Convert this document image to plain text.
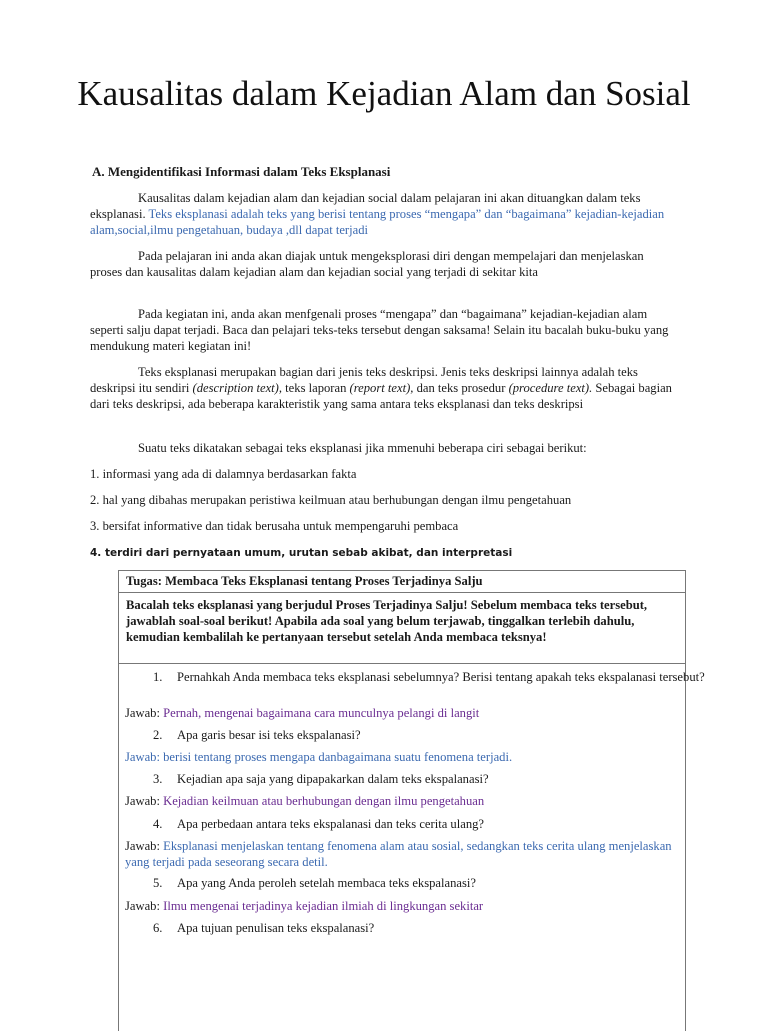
Kausalitas dalam Kejadian Alam dan Sosial
A. Mengidentifikasi Informasi dalam Teks Eksplanasi

Kausalitas dalam kejadian alam dan kejadian social dalam pelajaran ini akan dituangkan dalam teks eksplanasi. Teks eksplanasi adalah teks yang berisi tentang proses “mengapa” dan “bagaimana” kejadian-kejadian alam,social,ilmu pengetahuan, budaya ,dll dapat terjadi

Pada pelajaran ini anda akan diajak untuk mengeksplorasi diri dengan mempelajari dan menjelaskan proses dan kausalitas dalam kejadian alam dan kejadian social yang terjadi di sekitar kita

Pada kegiatan ini, anda akan menfgenali proses “mengapa” dan “bagaimana” kejadian-kejadian alam seperti salju dapat terjadi. Baca dan pelajari teks-teks tersebut dengan saksama! Selain itu bacalah buku-buku yang mendukung materi kegiatan ini!

Teks eksplanasi merupakan bagian dari jenis teks deskripsi. Jenis teks deskripsi lainnya adalah teks deskripsi itu sendiri (description text), teks laporan (report text), dan teks prosedur (procedure text). Sebagai bagian dari teks deskripsi, ada beberapa karakteristik yang sama antara teks eksplanasi dan teks deskripsi

Suatu teks dikatakan sebagai teks eksplanasi jika mmenuhi beberapa ciri sebagai berikut:

1. informasi yang ada di dalamnya berdasarkan fakta

2. hal yang dibahas merupakan peristiwa keilmuan atau berhubungan dengan ilmu pengetahuan

3. bersifat informative dan tidak berusaha untuk mempengaruhi pembaca

4. terdiri dari pernyataan umum, urutan sebab akibat, dan interpretasi

Tugas: Membaca Teks Eksplanasi tentang Proses Terjadinya Salju
Bacalah teks eksplanasi yang berjudul Proses Terjadinya Salju! Sebelum membaca teks tersebut, jawablah soal-soal berikut! Apabila ada soal yang belum terjawab, tinggalkan terlebih dahulu, kemudian kembalilah ke pertanyaan tersebut setelah Anda membaca teksnya!
1. Pernahkah Anda membaca teks eksplanasi sebelumnya? Berisi tentang apakah teks ekspalanasi tersebut?
Jawab: Pernah, mengenai bagaimana cara munculnya pelangi di langit
2. Apa garis besar isi teks ekspalanasi?
Jawab: berisi tentang proses mengapa danbagaimana suatu fenomena terjadi.
3. Kejadian apa saja yang dipapakarkan dalam teks ekspalanasi?
Jawab: Kejadian keilmuan atau berhubungan dengan ilmu pengetahuan
4. Apa perbedaan antara teks ekspalanasi dan teks cerita ulang?
Jawab: Eksplanasi menjelaskan tentang fenomena alam atau sosial, sedangkan teks cerita ulang menjelaskan yang terjadi pada seseorang secara detil.
5. Apa yang Anda peroleh setelah membaca teks ekspalanasi?
Jawab: Ilmu mengenai terjadinya kejadian ilmiah di lingkungan sekitar
6. Apa tujuan penulisan teks ekspalanasi?
